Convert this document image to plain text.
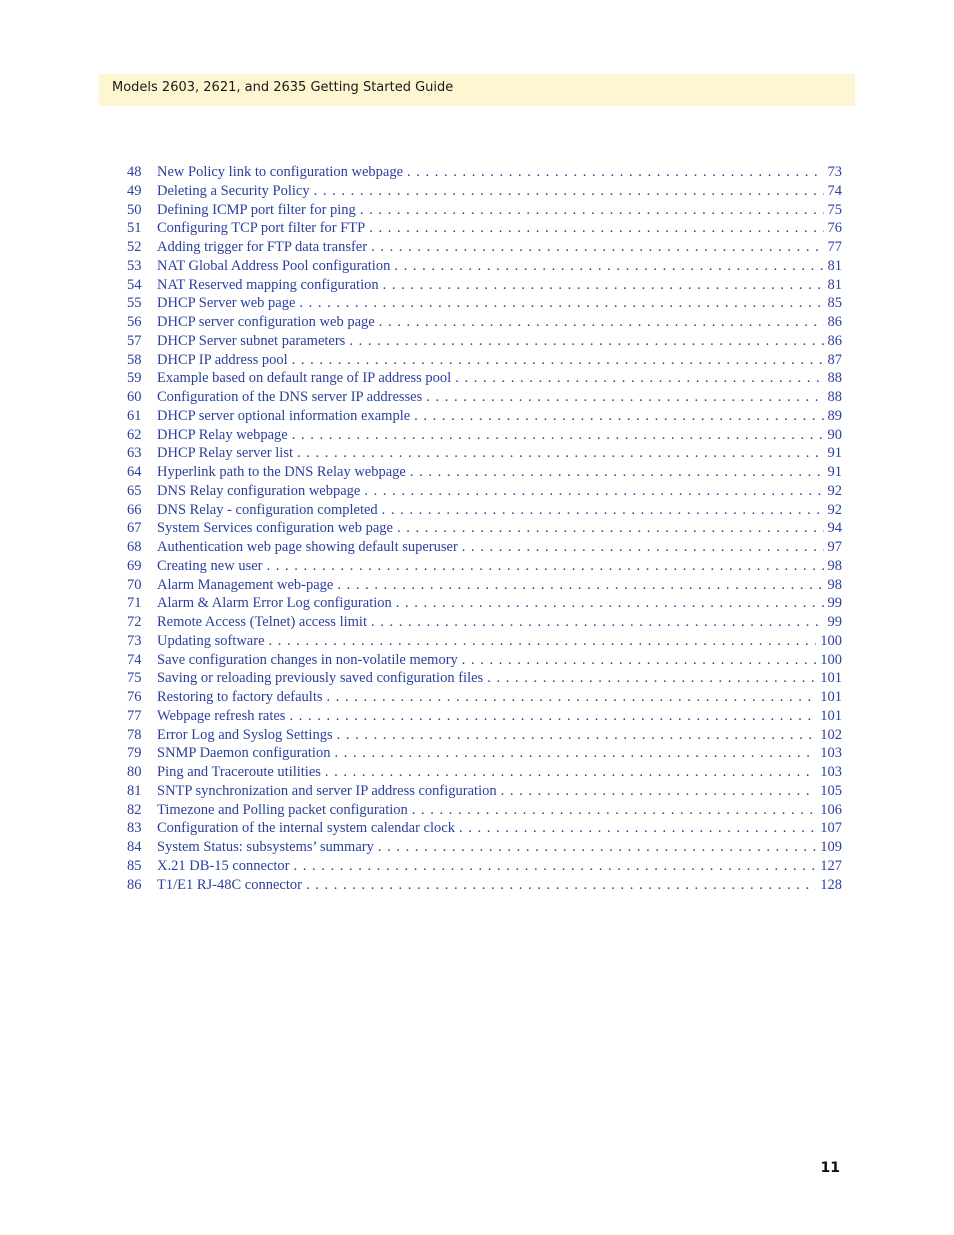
Models 2603, 2621, and 2635 Getting Started Guide
48	New Policy link to configuration webpage . . .	73
49	Deleting a Security Policy . . .	74
50	Defining ICMP port filter for ping . . .	75
51	Configuring TCP port filter for FTP . . .	76
52	Adding trigger for FTP data transfer . . .	77
53	NAT Global Address Pool configuration . . .	81
54	NAT Reserved mapping configuration . . .	81
55	DHCP Server web page . . .	85
56	DHCP server configuration web page . . .	86
57	DHCP Server subnet parameters . . .	86
58	DHCP IP address pool . . .	87
59	Example based on default range of IP address pool . . .	88
60	Configuration of the DNS server IP addresses . . .	88
61	DHCP server optional information example . . .	89
62	DHCP Relay webpage . . .	90
63	DHCP Relay server list . . .	91
64	Hyperlink path to the DNS Relay webpage . . .	91
65	DNS Relay configuration webpage . . .	92
66	DNS Relay - configuration completed . . .	92
67	System Services configuration web page . . .	94
68	Authentication web page showing default superuser . . .	97
69	Creating new user . . .	98
70	Alarm Management web-page . . .	98
71	Alarm & Alarm Error Log configuration . . .	99
72	Remote Access (Telnet) access limit . . .	99
73	Updating software . . .	100
74	Save configuration changes in non-volatile memory . . .	100
75	Saving or reloading previously saved configuration files . . .	101
76	Restoring to factory defaults . . .	101
77	Webpage refresh rates . . .	101
78	Error Log and Syslog Settings . . .	102
79	SNMP Daemon configuration . . .	103
80	Ping and Traceroute utilities . . .	103
81	SNTP synchronization and server IP address configuration . . .	105
82	Timezone and Polling packet configuration . . .	106
83	Configuration of the internal system calendar clock . . .	107
84	System Status: subsystems’ summary . . .	109
85	X.21 DB-15 connector . . .	127
86	T1/E1 RJ-48C connector . . .	128
11
